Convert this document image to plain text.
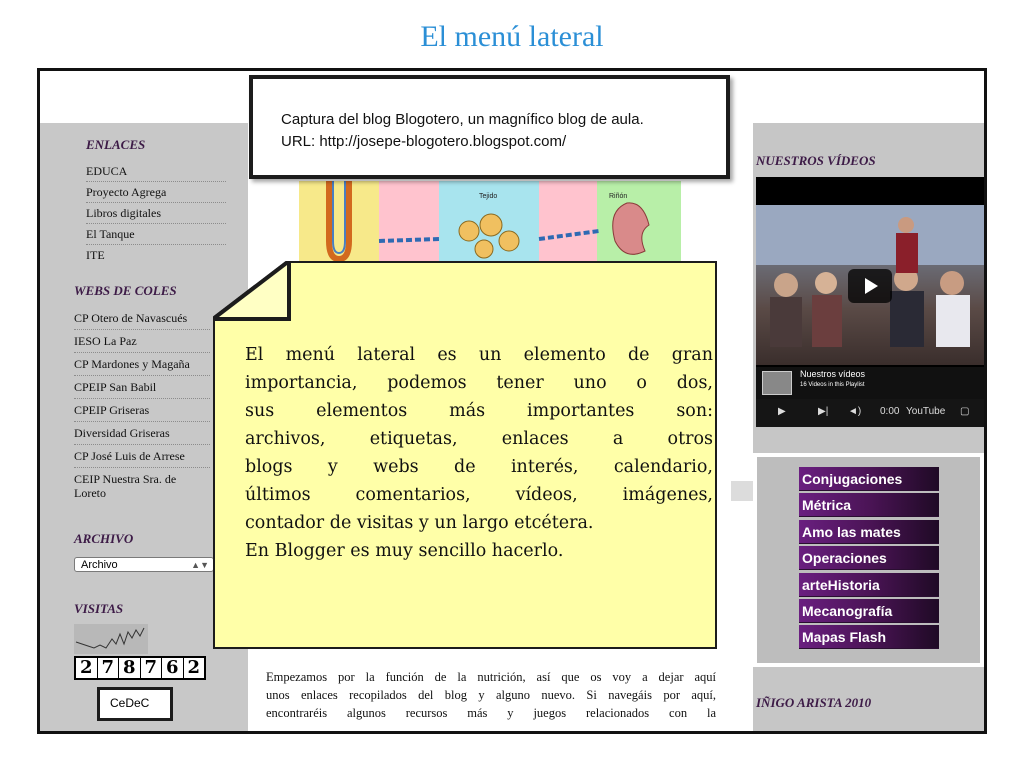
El menú lateral
ENLACES
EDUCA
Proyecto Agrega
Libros digitales
El Tanque
ITE
WEBS DE COLES
CP Otero de Navascués
IESO La Paz
CP Mardones y Magaña
CPEIP San Babil
CPEIP Griseras
Diversidad Griseras
CP José Luis de Arrese
CEIP Nuestra Sra. de
Loreto
ARCHIVO
Archivo	▲▼
VISITAS
2 7 8 7 6 2
CeDeC
Tejido	Riñón
El menú lateral es un elemento de gran
importancia, podemos tener uno o dos,
sus elementos más importantes son:
archivos, etiquetas, enlaces a otros
blogs y webs de interés, calendario,
últimos comentarios, vídeos, imágenes,
contador de visitas y un largo etcétera.
En Blogger es muy sencillo hacerlo.
Empezamos por la función de la nutrición, así que os voy a dejar aquí
unos enlaces recopilados del blog y alguno nuevo. Si navegáis por aquí,
encontraréis algunos recursos más y juegos relacionados con la
NUESTROS VÍDEOS
Nuestros vídeos
16 Videos in this Playlist
▶	▶| ◄) 0:00 YouTube ▢
Conjugaciones
Métrica
Amo las mates
Operaciones
arteHistoria
Mecanografía
Mapas Flash
IÑIGO ARISTA 2010
Captura del blog Blogotero, un magnífico blog de aula.
URL: http://josepe-blogotero.blogspot.com/
